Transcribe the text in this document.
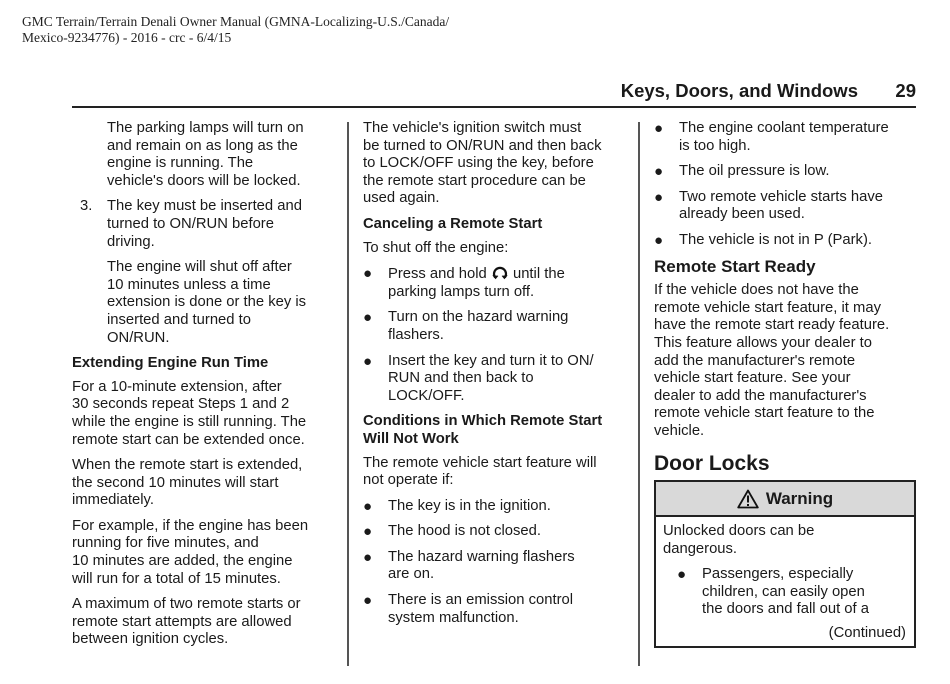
GMC Terrain/Terrain Denali Owner Manual (GMNA-Localizing-U.S./Canada/
Mexico-9234776) - 2016 - crc - 6/4/15
Keys, Doors, and Windows 29

The parking lamps will turn on
and remain on as long as the
engine is running. The
vehicle's doors will be locked.

3. The key must be inserted and
turned to ON/RUN before
driving.

The engine will shut off after
10 minutes unless a time
extension is done or the key is
inserted and turned to
ON/RUN.

Extending Engine Run Time

For a 10-minute extension, after
30 seconds repeat Steps 1 and 2
while the engine is still running. The
remote start can be extended once.

When the remote start is extended,
the second 10 minutes will start
immediately.

For example, if the engine has been
running for five minutes, and
10 minutes are added, the engine
will run for a total of 15 minutes.

A maximum of two remote starts or
remote start attempts are allowed
between ignition cycles.

The vehicle's ignition switch must
be turned to ON/RUN and then back
to LOCK/OFF using the key, before
the remote start procedure can be
used again.

Canceling a Remote Start

To shut off the engine:

●	Press and hold until the
parking lamps turn off.
●	Turn on the hazard warning
flashers.
●	Insert the key and turn it to ON/
RUN and then back to
LOCK/OFF.
Conditions in Which Remote Start
Will Not Work

The remote vehicle start feature will
not operate if:

●	The key is in the ignition.
●	The hood is not closed.
●	The hazard warning flashers
are on.
●	There is an emission control
system malfunction.
●	The engine coolant temperature
is too high.
●	The oil pressure is low.
●	Two remote vehicle starts have
already been used.
●	The vehicle is not in P (Park).
Remote Start Ready

If the vehicle does not have the
remote vehicle start feature, it may
have the remote start ready feature.
This feature allows your dealer to
add the manufacturer's remote
vehicle start feature. See your
dealer to add the manufacturer's
remote vehicle start feature to the
vehicle.

Door Locks
Warning

Unlocked doors can be
dangerous.

●	Passengers, especially
children, can easily open
the doors and fall out of a
(Continued)
